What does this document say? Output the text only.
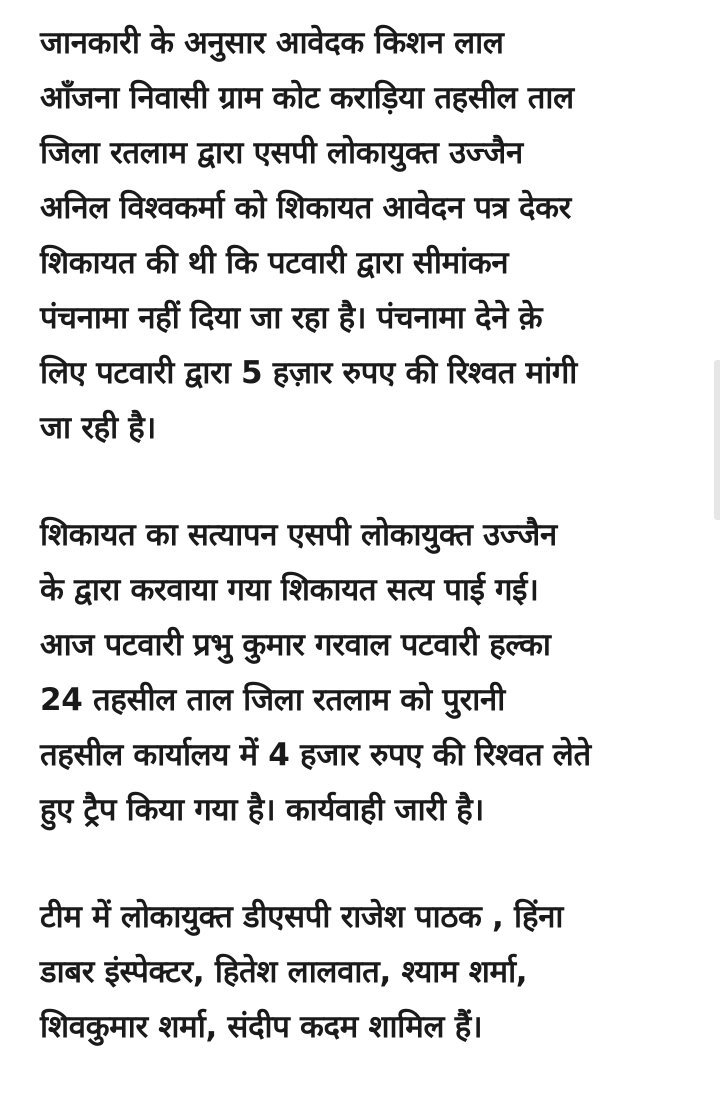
जानकारी के अनुसार आवेदक किशन लाल
आँजना निवासी ग्राम कोट कराड़िया तहसील ताल
जिला रतलाम द्वारा एसपी लोकायुक्त उज्जैन
अनिल विश्वकर्मा को शिकायत आवेदन पत्र देकर
शिकायत की थी कि पटवारी द्वारा सीमांकन
पंचनामा नहीं दिया जा रहा है। पंचनामा देने क़े
लिए पटवारी द्वारा 5 हज़ार रुपए की रिश्वत मांगी
जा रही है।

शिकायत का सत्यापन एसपी लोकायुक्त उज्जैन
के द्वारा करवाया गया शिकायत सत्य पाई गई।
आज पटवारी प्रभु कुमार गरवाल पटवारी हल्का
24 तहसील ताल जिला रतलाम को पुरानी
तहसील कार्यालय में 4 हजार रुपए की रिश्वत लेते
हुए ट्रैप किया गया है। कार्यवाही जारी है।

टीम में लोकायुक्त डीएसपी राजेश पाठक , हिंना
डाबर इंस्पेक्टर, हितेश लालवात, श्याम शर्मा,
शिवकुमार शर्मा, संदीप कदम शामिल हैं।
